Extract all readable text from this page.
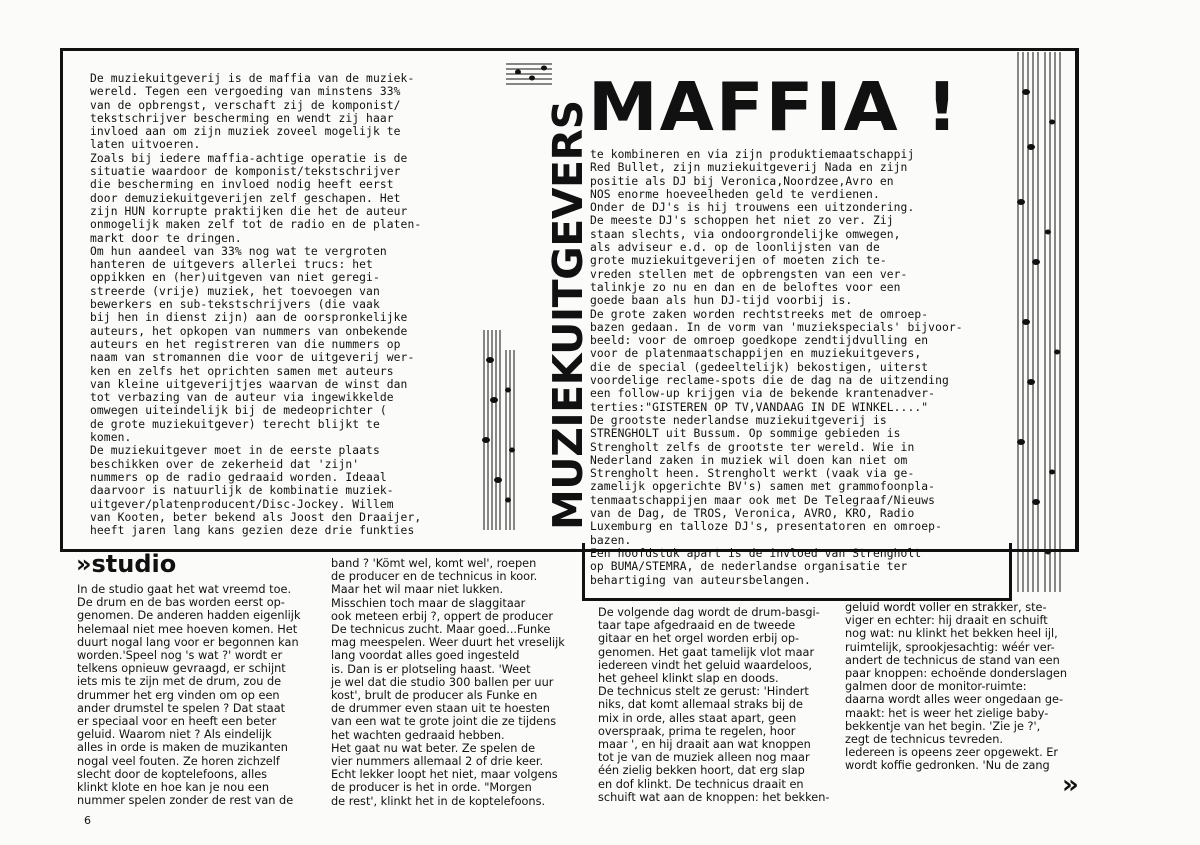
De muziekuitgeverij is de maffia van de muziek-
wereld. Tegen een vergoeding van minstens 33%
van de opbrengst, verschaft zij de komponist/
tekstschrijver bescherming en wendt zij haar
invloed aan om zijn muziek zoveel mogelijk te
laten uitvoeren.
Zoals bij iedere maffia-achtige operatie is de
situatie waardoor de komponist/tekstschrijver
die bescherming en invloed nodig heeft eerst
door demuziekuitgeverijen zelf geschapen. Het
zijn HUN korrupte praktijken die het de auteur
onmogelijk maken zelf tot de radio en de platen-
markt door te dringen.
Om hun aandeel van 33% nog wat te vergroten
hanteren de uitgevers allerlei trucs: het
oppikken en (her)uitgeven van niet geregi-
streerde (vrije) muziek, het toevoegen van
bewerkers en sub-tekstschrijvers (die vaak
bij hen in dienst zijn) aan de oorspronkelijke
auteurs, het opkopen van nummers van onbekende
auteurs en het registreren van die nummers op
naam van stromannen die voor de uitgeverij wer-
ken en zelfs het oprichten samen met auteurs
van kleine uitgeverijtjes waarvan de winst dan
tot verbazing van de auteur via ingewikkelde
omwegen uiteindelijk bij de medeoprichter (
de grote muziekuitgever) terecht blijkt te
komen.
De muziekuitgever moet in de eerste plaats
beschikken over de zekerheid dat 'zijn'
nummers op de radio gedraaid worden. Ideaal
daarvoor is natuurlijk de kombinatie muziek-
uitgever/platenproducent/Disc-Jockey. Willem
van Kooten, beter bekend als Joost den Draaijer,
heeft jaren lang kans gezien deze drie funkties
MUZIEKUITGEVERS
MAFFIA !
te kombineren en via zijn produktiemaatschappij
Red Bullet, zijn muziekuitgeverij Nada en zijn
positie als DJ bij Veronica,Noordzee,Avro en
NOS enorme hoeveelheden geld te verdienen.
Onder de DJ's is hij trouwens een uitzondering.
De meeste DJ's schoppen het niet zo ver. Zij
staan slechts, via ondoorgrondelijke omwegen,
als adviseur e.d. op de loonlijsten van de
grote muziekuitgeverijen of moeten zich te-
vreden stellen met de opbrengsten van een ver-
talinkje zo nu en dan en de beloftes voor een
goede baan als hun DJ-tijd voorbij is.
De grote zaken worden rechtstreeks met de omroep-
bazen gedaan. In de vorm van 'muziekspecials' bijvoor-
beeld: voor de omroep goedkope zendtijdvulling en
voor de platenmaatschappijen en muziekuitgevers,
die de special (gedeeltelijk) bekostigen, uiterst
voordelige reclame-spots die de dag na de uitzending
een follow-up krijgen via de bekende krantenadver-
terties:"GISTEREN OP TV,VANDAAG IN DE WINKEL...."
De grootste nederlandse muziekuitgeverij is
STRENGHOLT uit Bussum. Op sommige gebieden is
Strengholt zelfs de grootste ter wereld. Wie in
Nederland zaken in muziek wil doen kan niet om
Strengholt heen. Strengholt werkt (vaak via ge-
zamelijk opgerichte BV's) samen met grammofoonpla-
tenmaatschappijen maar ook met De Telegraaf/Nieuws
van de Dag, de TROS, Veronica, AVRO, KRO, Radio
Luxemburg en talloze DJ's, presentatoren en omroep-
bazen.
Een hoofdstuk apart is de invloed van Strengholt
op BUMA/STEMRA, de nederlandse organisatie ter
behartiging van auteursbelangen.
»studio
In de studio gaat het wat vreemd toe.
De drum en de bas worden eerst op-
genomen. De anderen hadden eigenlijk
helemaal niet mee hoeven komen. Het
duurt nogal lang voor er begonnen kan
worden.'Speel nog 's wat ?' wordt er
telkens opnieuw gevraagd, er schijnt
iets mis te zijn met de drum, zou de
drummer het erg vinden om op een
ander drumstel te spelen ? Dat staat
er speciaal voor en heeft een beter
geluid. Waarom niet ? Als eindelijk
alles in orde is maken de muzikanten
nogal veel fouten. Ze horen zichzelf
slecht door de koptelefoons, alles
klinkt klote en hoe kan je nou een
nummer spelen zonder de rest van de
band ? 'Kömt wel, komt wel', roepen
de producer en de technicus in koor.
Maar het wil maar niet lukken.
Misschien toch maar de slaggitaar
ook meteen erbij ?, oppert de producer
De technicus zucht. Maar goed...Funke
mag meespelen. Weer duurt het vreselijk
lang voordat alles goed ingesteld
is. Dan is er plotseling haast. 'Weet
je wel dat die studio 300 ballen per uur
kost', brult de producer als Funke en
de drummer even staan uit te hoesten
van een wat te grote joint die ze tijdens
het wachten gedraaid hebben.
Het gaat nu wat beter. Ze spelen de
vier nummers allemaal 2 of drie keer.
Echt lekker loopt het niet, maar volgens
de producer is het in orde. "Morgen
de rest', klinkt het in de koptelefoons.
De volgende dag wordt de drum-basgi-
taar tape afgedraaid en de tweede
gitaar en het orgel worden erbij op-
genomen. Het gaat tamelijk vlot maar
iedereen vindt het geluid waardeloos,
het geheel klinkt slap en doods.
De technicus stelt ze gerust: 'Hindert
niks, dat komt allemaal straks bij de
mix in orde, alles staat apart, geen
overspraak, prima te regelen, hoor
maar ', en hij draait aan wat knoppen
tot je van de muziek alleen nog maar
één zielig bekken hoort, dat erg slap
en dof klinkt. De technicus draait en
schuift wat aan de knoppen: het bekken-
geluid wordt voller en strakker, ste-
viger en echter: hij draait en schuift
nog wat: nu klinkt het bekken heel ijl,
ruimtelijk, sprookjesachtig: wéér ver-
andert de technicus de stand van een
paar knoppen: echoënde donderslagen
galmen door de monitor-ruimte:
daarna wordt alles weer ongedaan ge-
maakt: het is weer het zielige baby-
bekkentje van het begin. 'Zie je ?',
zegt de technicus tevreden.
Iedereen is opeens zeer opgewekt. Er
wordt koffie gedronken. 'Nu de zang
»
6
